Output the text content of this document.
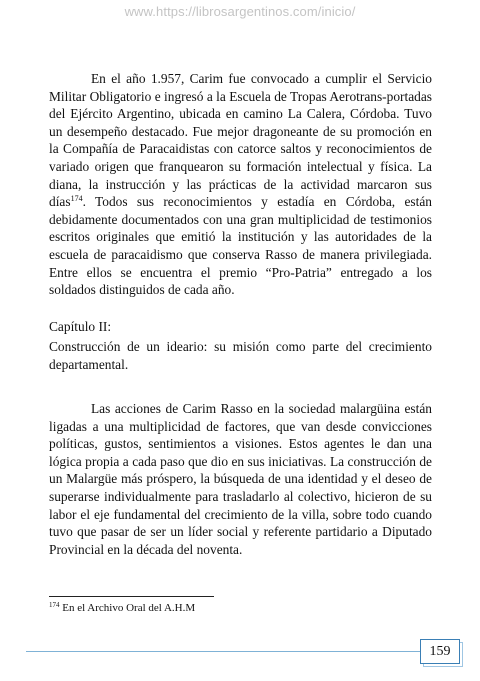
www.https://librosargentinos.com/inicio/

En el año 1.957, Carim fue convocado a cumplir el Servicio Militar Obligatorio e ingresó a la Escuela de Tropas Aerotrans-portadas del Ejército Argentino, ubicada en camino La Calera, Córdoba. Tuvo un desempeño destacado. Fue mejor dragoneante de su promoción en la Compañía de Paracaidistas con catorce saltos y reconocimientos de variado origen que franquearon su formación intelectual y física. La diana, la instrucción y las prácticas de la actividad marcaron sus días$^{174}$. Todos sus reconocimientos y estadía en Córdoba, están debidamente documentados con una gran multiplicidad de testimonios escritos originales que emitió la institución y las autoridades de la escuela de paracaidismo que conserva Rasso de manera privilegiada. Entre ellos se encuentra el premio “Pro-Patria” entregado a los soldados distinguidos de cada año.

Capítulo II:
Construcción de un ideario: su misión como parte del crecimiento departamental.

Las acciones de Carim Rasso en la sociedad malargüina están ligadas a una multiplicidad de factores, que van desde convicciones políticas, gustos, sentimientos a visiones. Estos agentes le dan una lógica propia a cada paso que dio en sus iniciativas. La construcción de un Malargüe más próspero, la búsqueda de una identidad y el deseo de superarse individualmente para trasladarlo al colectivo, hicieron de su labor el eje fundamental del crecimiento de la villa, sobre todo cuando tuvo que pasar de ser un líder social y referente partidario a Diputado Provincial en la década del noventa.

$^{174}$ En el Archivo Oral del A.H.M
159
